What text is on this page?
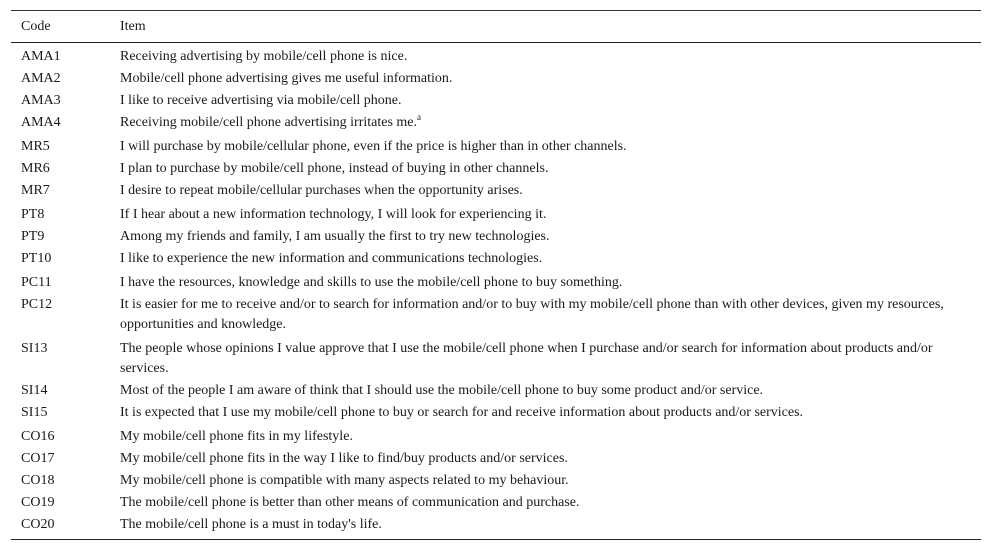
Code	Item
AMA1	Receiving advertising by mobile/cell phone is nice.
AMA2	Mobile/cell phone advertising gives me useful information.
AMA3	I like to receive advertising via mobile/cell phone.
AMA4	Receiving mobile/cell phone advertising irritates me.$^a$
MR5	I will purchase by mobile/cellular phone, even if the price is higher than in other channels.
MR6	I plan to purchase by mobile/cell phone, instead of buying in other channels.
MR7	I desire to repeat mobile/cellular purchases when the opportunity arises.
PT8	If I hear about a new information technology, I will look for experiencing it.
PT9	Among my friends and family, I am usually the first to try new technologies.
PT10	I like to experience the new information and communications technologies.
PC11	I have the resources, knowledge and skills to use the mobile/cell phone to buy something.
PC12	It is easier for me to receive and/or to search for information and/or to buy with my mobile/cell phone than with other devices, given my resources, opportunities and knowledge.
SI13	The people whose opinions I value approve that I use the mobile/cell phone when I purchase and/or search for information about products and/or services.
SI14	Most of the people I am aware of think that I should use the mobile/cell phone to buy some product and/or service.
SI15	It is expected that I use my mobile/cell phone to buy or search for and receive information about products and/or services.
CO16	My mobile/cell phone fits in my lifestyle.
CO17	My mobile/cell phone fits in the way I like to find/buy products and/or services.
CO18	My mobile/cell phone is compatible with many aspects related to my behaviour.
CO19	The mobile/cell phone is better than other means of communication and purchase.
CO20	The mobile/cell phone is a must in today's life.
